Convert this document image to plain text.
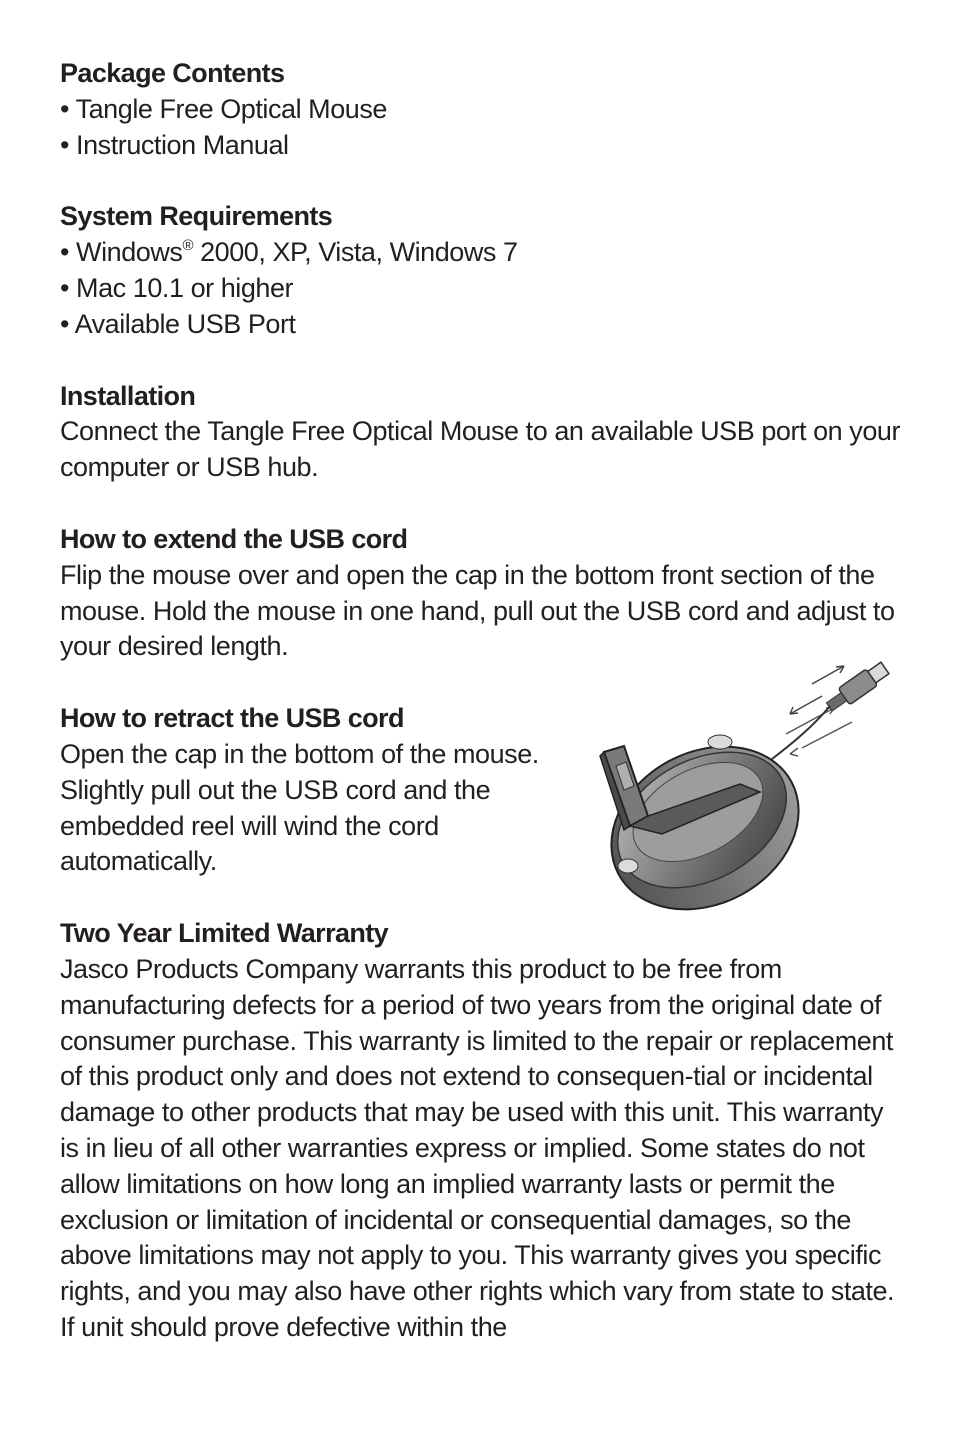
Package Contents
• Tangle Free Optical Mouse
• Instruction Manual
System Requirements
• Windows® 2000, XP, Vista, Windows 7
• Mac 10.1 or higher
• Available USB Port
Installation

Connect the Tangle Free Optical Mouse to an available USB port on your computer or USB hub.

How to extend the USB cord

Flip the mouse over and open the cap in the bottom front section of the mouse. Hold the mouse in one hand, pull out the USB cord and adjust to your desired length.

How to retract the USB cord

Open the cap in the bottom of the mouse. Slightly pull out the USB cord and the embedded reel will wind the cord automatically.

Two Year Limited Warranty

Jasco Products Company warrants this product to be free from manufacturing defects for a period of two years from the original date of consumer purchase. This warranty is limited to the repair or replacement of this product only and does not extend to consequen-tial or incidental damage to other products that may be used with this unit. This warranty is in lieu of all other warranties express or implied. Some states do not allow limitations on how long an implied warranty lasts or permit the exclusion or limitation of incidental or consequential damages, so the above limitations may not apply to you. This warranty gives you specific rights, and you may also have other rights which vary from state to state. If unit should prove defective within the
